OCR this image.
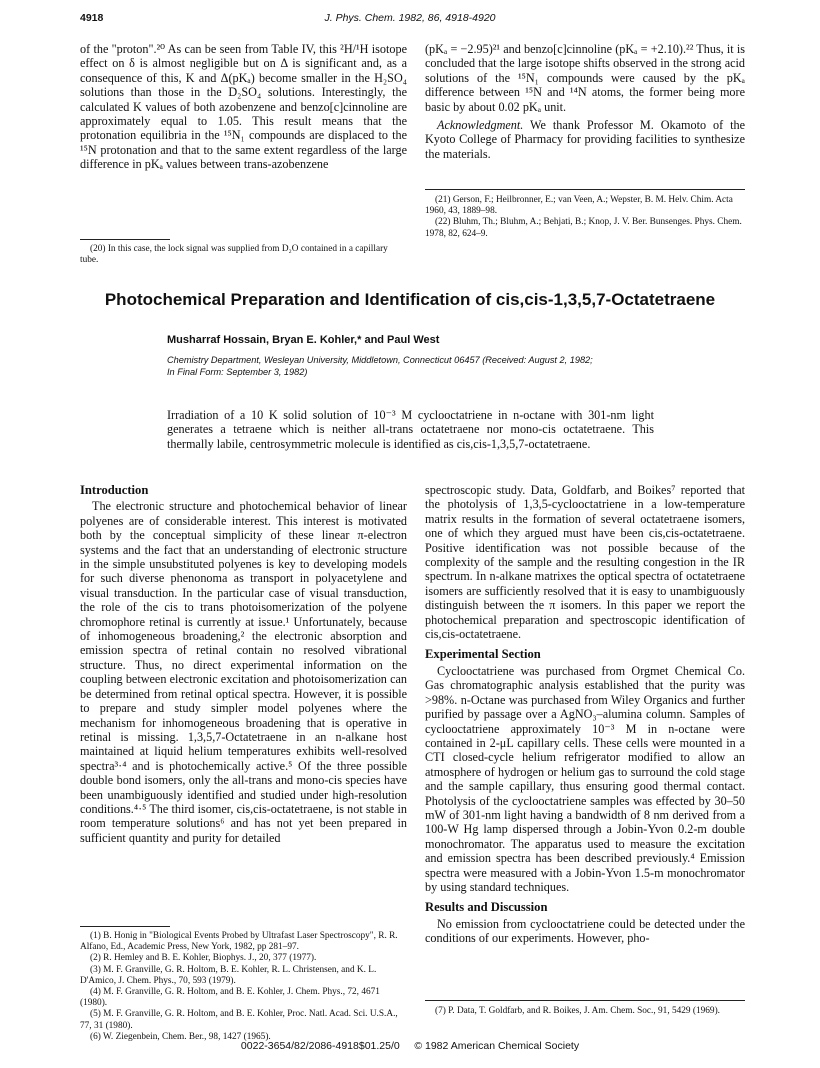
J. Phys. Chem. 1982, 86, 4918-4920
4918

of the "proton".²⁰ As can be seen from Table IV, this ²H/¹H isotope effect on δ is almost negligible but on Δ is significant and, as a consequence of this, K and Δ(pKₐ) become smaller in the H₂SO₄ solutions than those in the D₂SO₄ solutions. Interestingly, the calculated K values of both azobenzene and benzo[c]cinnoline are approximately equal to 1.05. This result means that the protonation equilibria in the ¹⁵N₁ compounds are displaced to the ¹⁵N protonation and that to the same extent regardless of the large difference in pKₐ values between trans-azobenzene

(20) In this case, the lock signal was supplied from D₂O contained in a capillary tube.

(pKₐ = −2.95)²¹ and benzo[c]cinnoline (pKₐ = +2.10).²² Thus, it is concluded that the large isotope shifts observed in the strong acid solutions of the ¹⁵N₁ compounds were caused by the pKₐ difference between ¹⁵N and ¹⁴N atoms, the former being more basic by about 0.02 pKₐ unit.

Acknowledgment. We thank Professor M. Okamoto of the Kyoto College of Pharmacy for providing facilities to synthesize the materials.

(21) Gerson, F.; Heilbronner, E.; van Veen, A.; Wepster, B. M. Helv. Chim. Acta 1960, 43, 1889–98.
(22) Bluhm, Th.; Bluhm, A.; Behjati, B.; Knop, J. V. Ber. Bunsenges. Phys. Chem. 1978, 82, 624–9.
Photochemical Preparation and Identification of cis,cis-1,3,5,7-Octatetraene
Musharraf Hossain, Bryan E. Kohler,* and Paul West
Chemistry Department, Wesleyan University, Middletown, Connecticut 06457 (Received: August 2, 1982;
In Final Form: September 3, 1982)
Irradiation of a 10 K solid solution of 10⁻³ M cyclooctatriene in n-octane with 301-nm light generates a tetraene which is neither all-trans octatetraene nor mono-cis octatetraene. This thermally labile, centrosymmetric molecule is identified as cis,cis-1,3,5,7-octatetraene.
Introduction

The electronic structure and photochemical behavior of linear polyenes are of considerable interest. This interest is motivated both by the conceptual simplicity of these linear π-electron systems and the fact that an understanding of electronic structure in the simple unsubstituted polyenes is key to developing models for such diverse phenonoma as transport in polyacetylene and visual transduction. In the particular case of visual transduction, the role of the cis to trans photoisomerization of the polyene chromophore retinal is currently at issue.¹ Unfortunately, because of inhomogeneous broadening,² the electronic absorption and emission spectra of retinal contain no resolved vibrational structure. Thus, no direct experimental information on the coupling between electronic excitation and photoisomerization can be determined from retinal optical spectra. However, it is possible to prepare and study simpler model polyenes where the mechanism for inhomogeneous broadening that is operative in retinal is missing. 1,3,5,7-Octatetraene in an n-alkane host maintained at liquid helium temperatures exhibits well-resolved spectra³·⁴ and is photochemically active.⁵ Of the three possible double bond isomers, only the all-trans and mono-cis species have been unambiguously identified and studied under high-resolution conditions.⁴·⁵ The third isomer, cis,cis-octatetraene, is not stable in room temperature solutions⁶ and has not yet been prepared in sufficient quantity and purity for detailed

(1) B. Honig in "Biological Events Probed by Ultrafast Laser Spectroscopy", R. R. Alfano, Ed., Academic Press, New York, 1982, pp 281–97.
(2) R. Hemley and B. E. Kohler, Biophys. J., 20, 377 (1977).
(3) M. F. Granville, G. R. Holtom, B. E. Kohler, R. L. Christensen, and K. L. D'Amico, J. Chem. Phys., 70, 593 (1979).
(4) M. F. Granville, G. R. Holtom, and B. E. Kohler, J. Chem. Phys., 72, 4671 (1980).
(5) M. F. Granville, G. R. Holtom, and B. E. Kohler, Proc. Natl. Acad. Sci. U.S.A., 77, 31 (1980).
(6) W. Ziegenbein, Chem. Ber., 98, 1427 (1965).

spectroscopic study. Data, Goldfarb, and Boikes⁷ reported that the photolysis of 1,3,5-cyclooctatriene in a low-temperature matrix results in the formation of several octatetraene isomers, one of which they argued must have been cis,cis-octatetraene. Positive identification was not possible because of the complexity of the sample and the resulting congestion in the IR spectrum. In n-alkane matrixes the optical spectra of octatetraene isomers are sufficiently resolved that it is easy to unambiguously distinguish between the π isomers. In this paper we report the photochemical preparation and spectroscopic identification of cis,cis-octatetraene.

Experimental Section

Cyclooctatriene was purchased from Orgmet Chemical Co. Gas chromatographic analysis established that the purity was >98%. n-Octane was purchased from Wiley Organics and further purified by passage over a AgNO₃–alumina column. Samples of cyclooctatriene approximately 10⁻³ M in n-octane were contained in 2-μL capillary cells. These cells were mounted in a CTI closed-cycle helium refrigerator modified to allow an atmosphere of hydrogen or helium gas to surround the cold stage and the sample capillary, thus ensuring good thermal contact. Photolysis of the cyclooctatriene samples was effected by 30–50 mW of 301-nm light having a bandwidth of 8 nm derived from a 100-W Hg lamp dispersed through a Jobin-Yvon 0.2-m double monochromator. The apparatus used to measure the excitation and emission spectra has been described previously.⁴ Emission spectra were measured with a Jobin-Yvon 1.5-m monochromator by using standard techniques.

Results and Discussion

No emission from cyclooctatriene could be detected under the conditions of our experiments. However, pho-

(7) P. Data, T. Goldfarb, and R. Boikes, J. Am. Chem. Soc., 91, 5429 (1969).
0022-3654/82/2086-4918$01.25/0 © 1982 American Chemical Society
